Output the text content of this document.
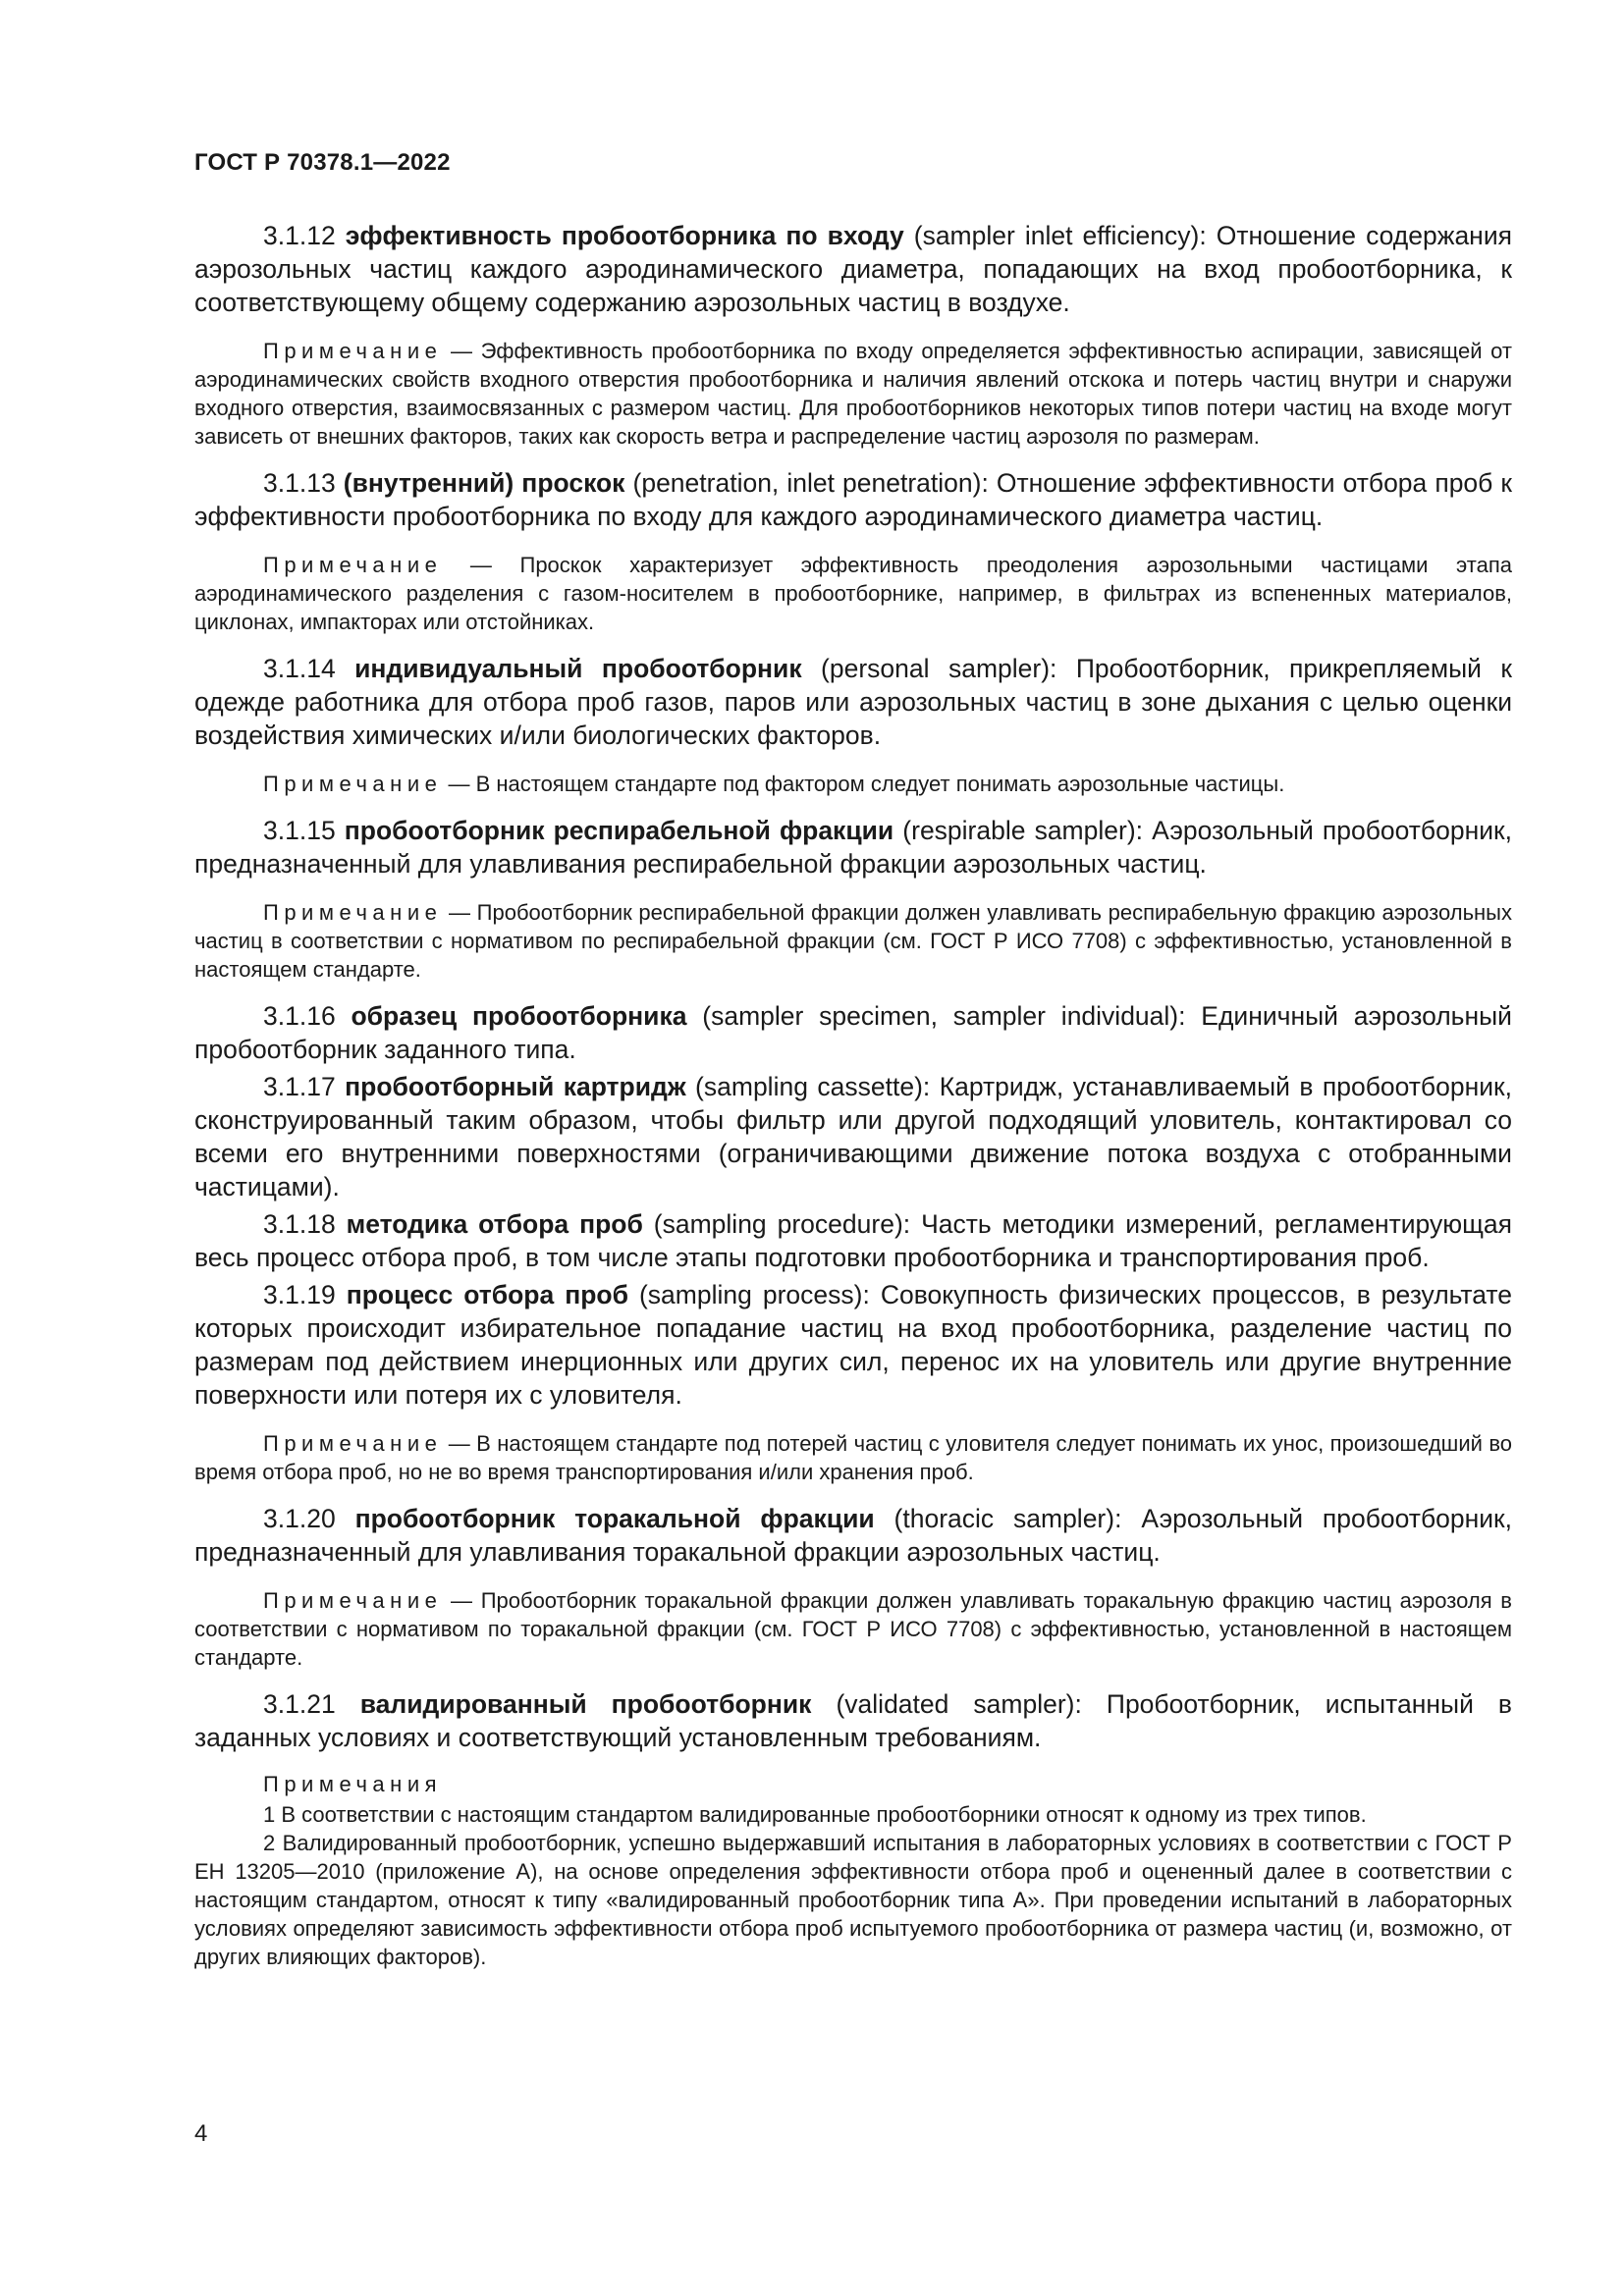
ГОСТ Р 70378.1—2022

3.1.12 эффективность пробоотборника по входу (sampler inlet efficiency): Отношение содержания аэрозольных частиц каждого аэродинамического диаметра, попадающих на вход пробоотборника, к соответствующему общему содержанию аэрозольных частиц в воздухе.

Примечание — Эффективность пробоотборника по входу определяется эффективностью аспирации, зависящей от аэродинамических свойств входного отверстия пробоотборника и наличия явлений отскока и потерь частиц внутри и снаружи входного отверстия, взаимосвязанных с размером частиц. Для пробоотборников некоторых типов потери частиц на входе могут зависеть от внешних факторов, таких как скорость ветра и распределение частиц аэрозоля по размерам.

3.1.13 (внутренний) проскок (penetration, inlet penetration): Отношение эффективности отбора проб к эффективности пробоотборника по входу для каждого аэродинамического диаметра частиц.

Примечание — Проскок характеризует эффективность преодоления аэрозольными частицами этапа аэродинамического разделения с газом-носителем в пробоотборнике, например, в фильтрах из вспененных материалов, циклонах, импакторах или отстойниках.

3.1.14 индивидуальный пробоотборник (personal sampler): Пробоотборник, прикрепляемый к одежде работника для отбора проб газов, паров или аэрозольных частиц в зоне дыхания с целью оценки воздействия химических и/или биологических факторов.

Примечание — В настоящем стандарте под фактором следует понимать аэрозольные частицы.

3.1.15 пробоотборник респирабельной фракции (respirable sampler): Аэрозольный пробоотборник, предназначенный для улавливания респирабельной фракции аэрозольных частиц.

Примечание — Пробоотборник респирабельной фракции должен улавливать респирабельную фракцию аэрозольных частиц в соответствии с нормативом по респирабельной фракции (см. ГОСТ Р ИСО 7708) с эффективностью, установленной в настоящем стандарте.

3.1.16 образец пробоотборника (sampler specimen, sampler individual): Единичный аэрозольный пробоотборник заданного типа.

3.1.17 пробоотборный картридж (sampling cassette): Картридж, устанавливаемый в пробоотборник, сконструированный таким образом, чтобы фильтр или другой подходящий уловитель, контактировал со всеми его внутренними поверхностями (ограничивающими движение потока воздуха с отобранными частицами).

3.1.18 методика отбора проб (sampling procedure): Часть методики измерений, регламентирующая весь процесс отбора проб, в том числе этапы подготовки пробоотборника и транспортирования проб.

3.1.19 процесс отбора проб (sampling process): Совокупность физических процессов, в результате которых происходит избирательное попадание частиц на вход пробоотборника, разделение частиц по размерам под действием инерционных или других сил, перенос их на уловитель или другие внутренние поверхности или потеря их с уловителя.

Примечание — В настоящем стандарте под потерей частиц с уловителя следует понимать их унос, произошедший во время отбора проб, но не во время транспортирования и/или хранения проб.

3.1.20 пробоотборник торакальной фракции (thoracic sampler): Аэрозольный пробоотборник, предназначенный для улавливания торакальной фракции аэрозольных частиц.

Примечание — Пробоотборник торакальной фракции должен улавливать торакальную фракцию частиц аэрозоля в соответствии с нормативом по торакальной фракции (см. ГОСТ Р ИСО 7708) с эффективностью, установленной в настоящем стандарте.

3.1.21 валидированный пробоотборник (validated sampler): Пробоотборник, испытанный в заданных условиях и соответствующий установленным требованиям.

Примечания

1 В соответствии с настоящим стандартом валидированные пробоотборники относят к одному из трех типов.

2 Валидированный пробоотборник, успешно выдержавший испытания в лабораторных условиях в соответствии с ГОСТ Р ЕН 13205—2010 (приложение А), на основе определения эффективности отбора проб и оцененный далее в соответствии с настоящим стандартом, относят к типу «валидированный пробоотборник типа А». При проведении испытаний в лабораторных условиях определяют зависимость эффективности отбора проб испытуемого пробоотборника от размера частиц (и, возможно, от других влияющих факторов).

4
